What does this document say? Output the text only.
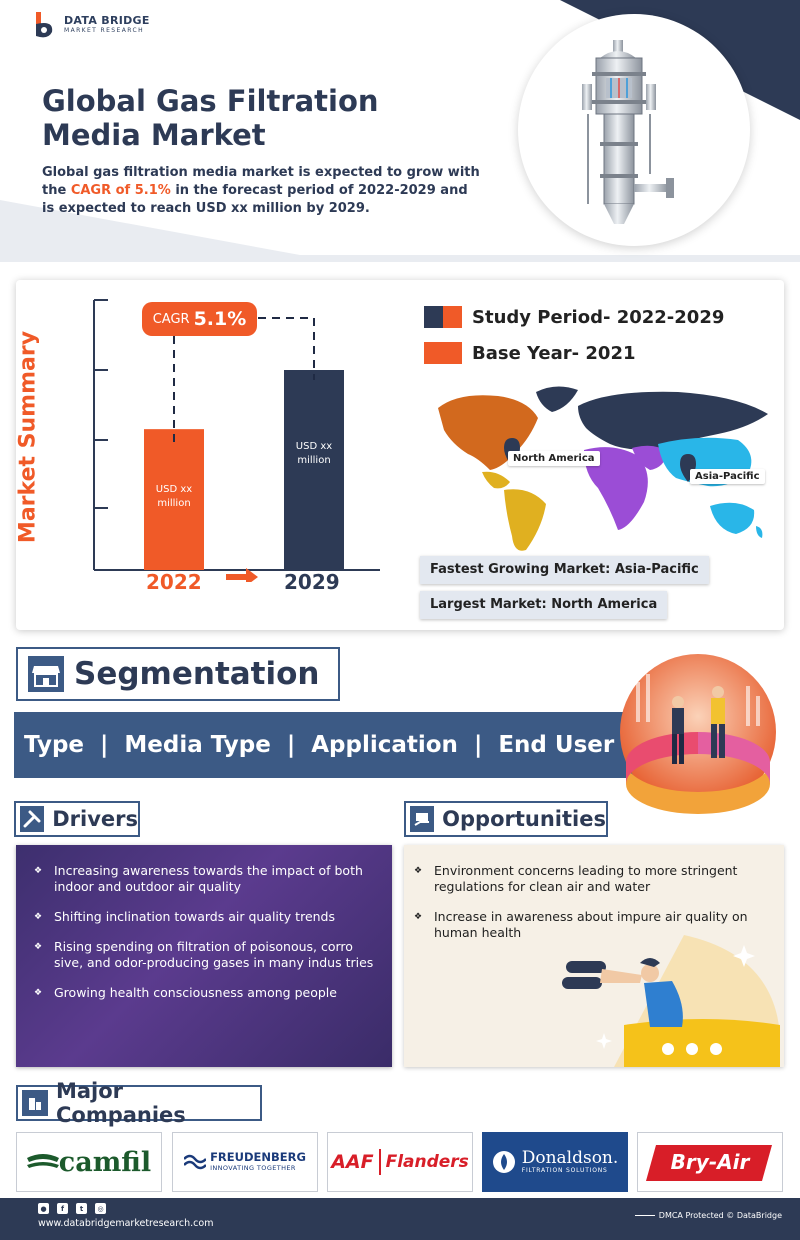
DATA BRIDGE
MARKET RESEARCH
Global Gas Filtration Media Market
Global gas filtration media market is expected to grow with the CAGR of 5.1% in the forecast period of 2022-2029 and is expected to reach USD xx million by 2029.
Market Summary
CAGR 5.1%
USD xx million
USD xx million
2022	2029
Study Period- 2022-2029
Base Year- 2021
North America
Asia-Pacific
Fastest Growing Market: Asia-Pacific
Largest Market: North America
Segmentation
Type | Media Type | Application | End User
Drivers
❖ Increasing awareness towards the impact of both indoor and outdoor air quality
❖ Shifting inclination towards air quality trends
❖ Rising spending on filtration of poisonous, corro sive, and odor-producing gases in many indus tries
❖ Growing health consciousness among people
Opportunities
❖ Environment concerns leading to more stringent regulations for clean air and water
❖ Increase in awareness about impure air quality on human health
Major Companies
camfil	FREUDENBERG
INNOVATING TOGETHER	AAF Flanders	Donaldson.
FILTRATION SOLUTIONS	Bry-Air
●	f	t	◎
www.databridgemarketresearch.com
DMCA Protected © DataBridge
